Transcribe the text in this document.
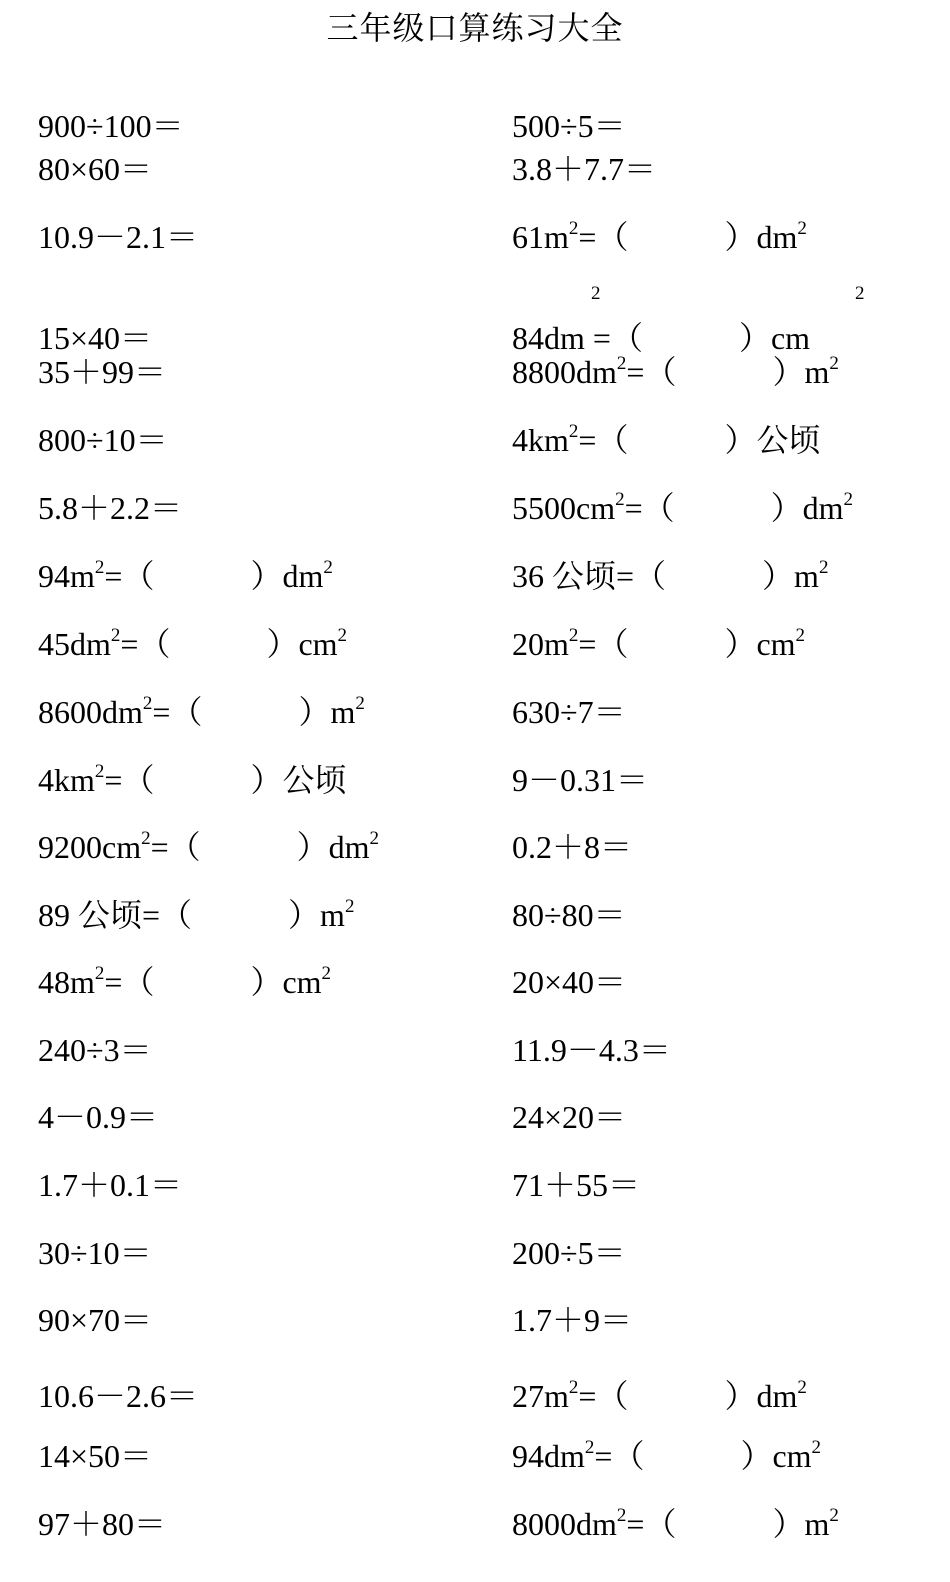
三年级口算练习大全
900÷100＝
80×60＝
10.9－2.1＝
15×40＝
35＋99＝
800÷10＝
5.8＋2.2＝
$94m^2=$（            ）$dm^2$
$45dm^2=$（            ）$cm^2$
$8600dm^2=$（            ）$m^2$
$4km^2=$（            ）公顷
$9200cm^2=$（            ）$dm^2$
89 公顷=（            ）$m^2$
$48m^2=$（            ）$cm^2$
240÷3＝
4－0.9＝
1.7＋0.1＝
30÷10＝
90×70＝
10.6－2.6＝
14×50＝
97＋80＝
500÷5＝
3.8＋7.7＝
$61m^2=$（            ）$dm^2$
84dm =（            ）cm
$8800dm^2=$（            ）$m^2$
$4km^2=$（            ）公顷
$5500cm^2=$（            ）$dm^2$
36 公顷=（            ）$m^2$
$20m^2=$（            ）$cm^2$
630÷7＝
9－0.31＝
0.2＋8＝
80÷80＝
20×40＝
11.9－4.3＝
24×20＝
71＋55＝
200÷5＝
1.7＋9＝
$27m^2=$（            ）$dm^2$
$94dm^2=$（            ）$cm^2$
$8000dm^2=$（            ）$m^2$
2	2
